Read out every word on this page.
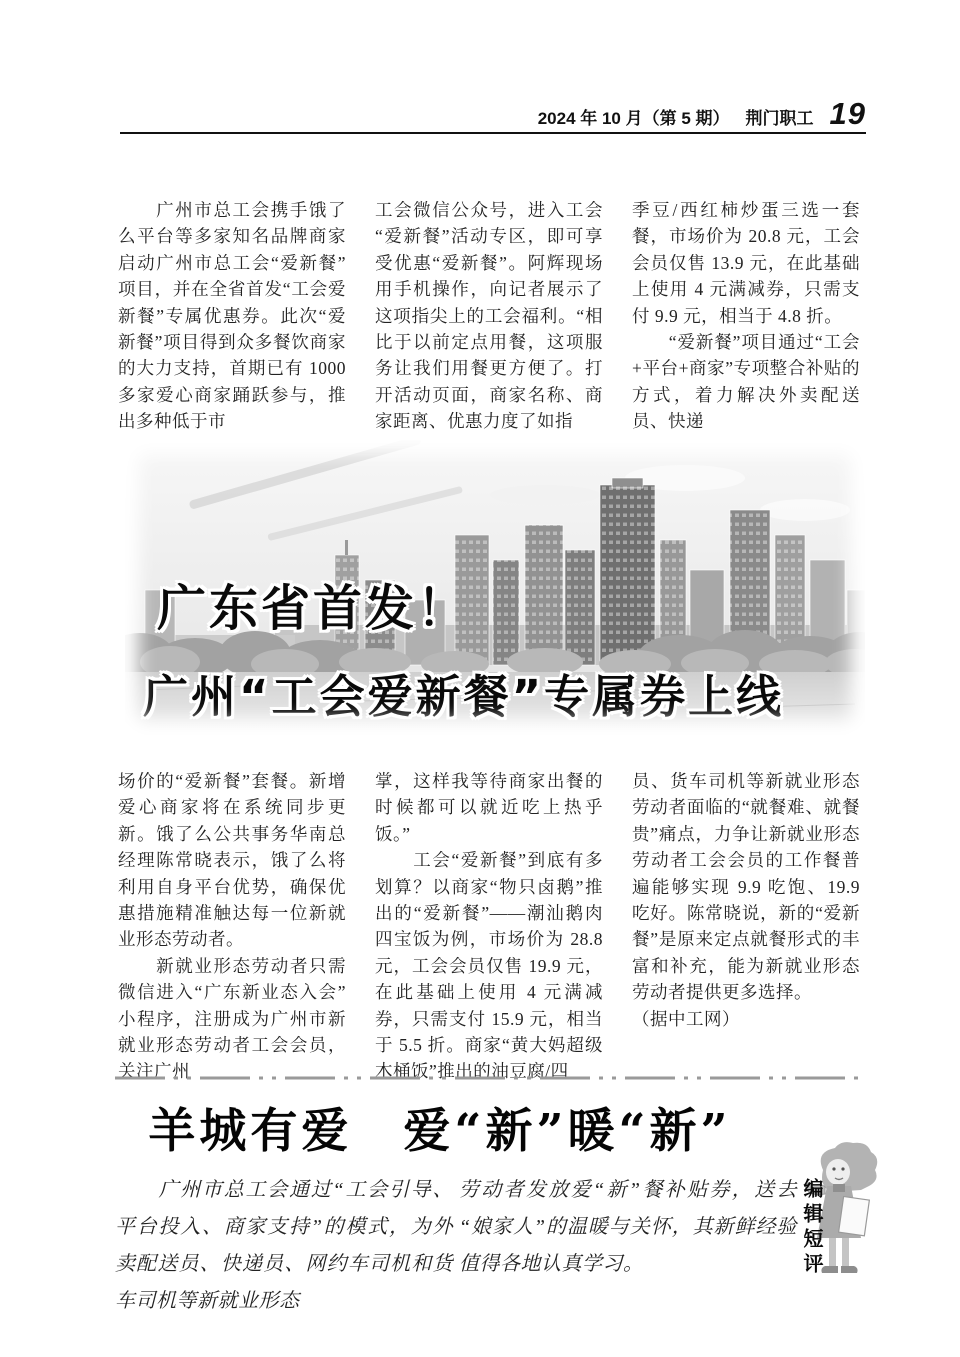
2024 年 10 月（第 5 期） 荆门职工 19

　　广州市总工会携手饿了么平台等多家知名品牌商家启动广州市总工会“爱新餐”项目，并在全省首发“工会爱新餐”专属优惠券。此次“爱新餐”项目得到众多餐饮商家的大力支持，首期已有 1000 多家爱心商家踊跃参与，推出多种低于市

工会微信公众号，进入工会“爱新餐”活动专区，即可享受优惠“爱新餐”。阿辉现场用手机操作，向记者展示了这项指尖上的工会福利。“相比于以前定点用餐，这项服务让我们用餐更方便了。打开活动页面，商家名称、商家距离、优惠力度了如指

季豆/西红柿炒蛋三选一套餐，市场价为 20.8 元，工会会员仅售 13.9 元，在此基础上使用 4 元满减券，只需支付 9.9 元，相当于 4.8 折。

　　“爱新餐”项目通过“工会+平台+商家”专项整合补贴的方式，着力解决外卖配送员、快递

广东省首发！
广州“工会爱新餐”专属券上线

场价的“爱新餐”套餐。新增爱心商家将在系统同步更新。饿了么公共事务华南总经理陈常晓表示，饿了么将利用自身平台优势，确保优惠措施精准触达每一位新就业形态劳动者。

　　新就业形态劳动者只需微信进入“广东新业态入会”小程序，注册成为广州市新就业形态劳动者工会会员，关注广州

掌，这样我等待商家出餐的时候都可以就近吃上热乎饭。”

　　工会“爱新餐”到底有多划算？以商家“物只卤鹅”推出的“爱新餐”——潮汕鹅肉四宝饭为例，市场价为 28.8 元，工会会员仅售 19.9 元，在此基础上使用 4 元满减券，只需支付 15.9 元，相当于 5.5 折。商家“黄大妈超级木桶饭”推出的油豆腐/四

员、货车司机等新就业形态劳动者面临的“就餐难、就餐贵”痛点，力争让新就业形态劳动者工会会员的工作餐普遍能够实现 9.9 吃饱、19.9 吃好。陈常晓说，新的“爱新餐”是原来定点就餐形式的丰富和补充，能为新就业形态劳动者提供更多选择。

（据中工网）

羊城有爱　爱“新”暖“新”

　　广州市总工会通过“工会引导、平台投入、商家支持”的模式，为外卖配送员、快递员、网约车司机和货车司机等新就业形态

劳动者发放爱“新”餐补贴券，送去“娘家人”的温暖与关怀，其新鲜经验值得各地认真学习。	编辑短评
